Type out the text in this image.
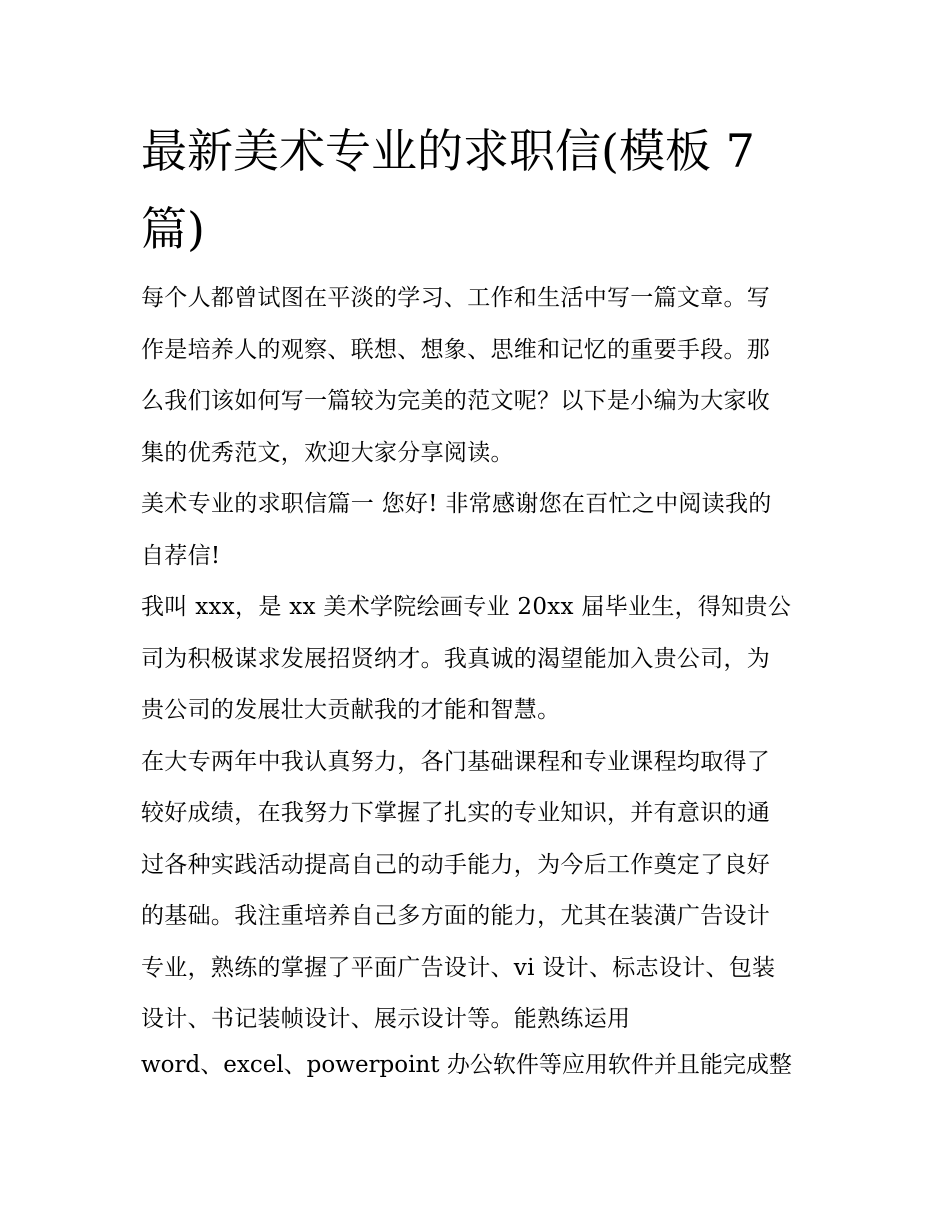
最新美术专业的求职信(模板 7
篇)

每个人都曾试图在平淡的学习、工作和生活中写一篇文章。写
作是培养人的观察、联想、想象、思维和记忆的重要手段。那
么我们该如何写一篇较为完美的范文呢？以下是小编为大家收
集的优秀范文，欢迎大家分享阅读。

美术专业的求职信篇一 您好! 非常感谢您在百忙之中阅读我的
自荐信!

我叫 xxx，是 xx 美术学院绘画专业 20xx 届毕业生，得知贵公
司为积极谋求发展招贤纳才。我真诚的渴望能加入贵公司，为
贵公司的发展壮大贡献我的才能和智慧。

在大专两年中我认真努力，各门基础课程和专业课程均取得了
较好成绩，在我努力下掌握了扎实的专业知识，并有意识的通
过各种实践活动提高自己的动手能力，为今后工作奠定了良好
的基础。我注重培养自己多方面的能力，尤其在装潢广告设计
专业，熟练的掌握了平面广告设计、vi 设计、标志设计、包装
设计、书记装帧设计、展示设计等。能熟练运用

word、excel、powerpoint 办公软件等应用软件并且能完成整
